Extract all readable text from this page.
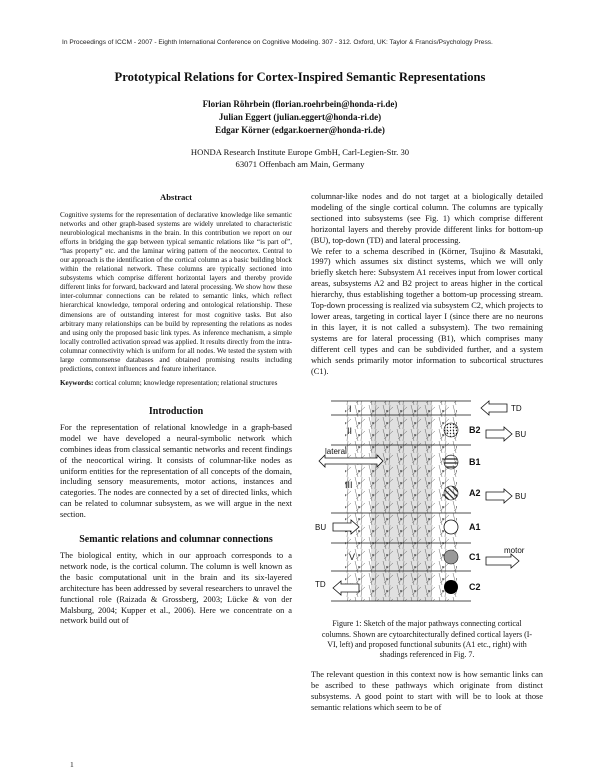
In Proceedings of ICCM - 2007 - Eighth International Conference on Cognitive Modeling. 307 - 312. Oxford, UK: Taylor & Francis/Psychology Press.
Prototypical Relations for Cortex-Inspired Semantic Representations
Florian Röhrbein (florian.roehrbein@honda-ri.de)
Julian Eggert (julian.eggert@honda-ri.de)
Edgar Körner (edgar.koerner@honda-ri.de)
HONDA Research Institute Europe GmbH, Carl-Legien-Str. 30
63071 Offenbach am Main, Germany
Abstract

Cognitive systems for the representation of declarative knowledge like semantic networks and other graph-based systems are widely unrelated to characteristic neurobiological mechanisms in the brain. In this contribution we report on our efforts in bridging the gap between typical semantic relations like “is part of”, “has property” etc. and the laminar wiring pattern of the neocortex. Central to our approach is the identification of the cortical column as a basic building block within the relational network. These columns are typically sectioned into subsystems which comprise different horizontal layers and thereby provide different links for forward, backward and lateral processing. We show how these inter-columnar connections can be related to semantic links, which reflect hierarchical knowledge, temporal ordering and ontological relationship. These dimensions are of outstanding interest for most cognitive tasks. But also arbitrary many relationships can be build by representing the relations as nodes and using only the proposed basic link types. As inference mechanism, a simple locally controlled activation spread was applied. It results directly from the intra-columnar connectivity which is uniform for all nodes. We tested the system with large commonsense databases and obtained promising results including predictions, context influences and feature inheritance.

Keywords: cortical column; knowledge representation; relational structures

Introduction

For the representation of relational knowledge in a graph-based model we have developed a neural-symbolic network which combines ideas from classical semantic networks and recent findings of the neocortical wiring. It consists of columnar-like nodes as uniform entities for the representation of all concepts of the domain, including sensory measurements, motor actions, instances and categories. The nodes are connected by a set of directed links, which can be related to columnar subsystem, as we will argue in the next section.

Semantic relations and columnar connections

The biological entity, which in our approach corresponds to a network node, is the cortical column. The column is well known as the basic computational unit in the brain and its six-layered architecture has been addressed by several researchers to unravel the functional role (Raizada & Grossberg, 2003; Lücke & von der Malsburg, 2004; Kupper et al., 2006). Here we concentrate on a network build out of

columnar-like nodes and do not target at a biologically detailed modeling of the single cortical column. The columns are typically sectioned into subsystems (see Fig. 1) which comprise different horizontal layers and thereby provide different links for bottom-up (BU), top-down (TD) and lateral processing.

We refer to a schema described in (Körner, Tsujino & Masutaki, 1997) which assumes six distinct systems, which we will only briefly sketch here: Subsystem A1 receives input from lower cortical areas, subsystems A2 and B2 project to areas higher in the cortical hierarchy, thus establishing together a bottom-up processing stream. Top-down processing is realized via subsystem C2, which projects to lower areas, targeting in cortical layer I (since there are no neurons in this layer, it is not called a subsystem). The two remaining systems are for lateral processing (B1), which comprises many different cell types and can be subdivided further, and a system which sends primarily motor information to subcortical structures (C1).

I
II
III
V
B2
B1
A2
A1
C1
C2
TD
BU
BU
lateral
BU
motor
TD

Figure 1: Sketch of the major pathways connecting cortical columns. Shown are cytoarchitecturally defined cortical layers (I-VI, left) and proposed functional subunits (A1 etc., right) with shadings referenced in Fig. 7.

The relevant question in this context now is how semantic links can be ascribed to these pathways which originate from distinct subsystems. A good point to start with will be to look at those semantic relations which seem to be of

1
